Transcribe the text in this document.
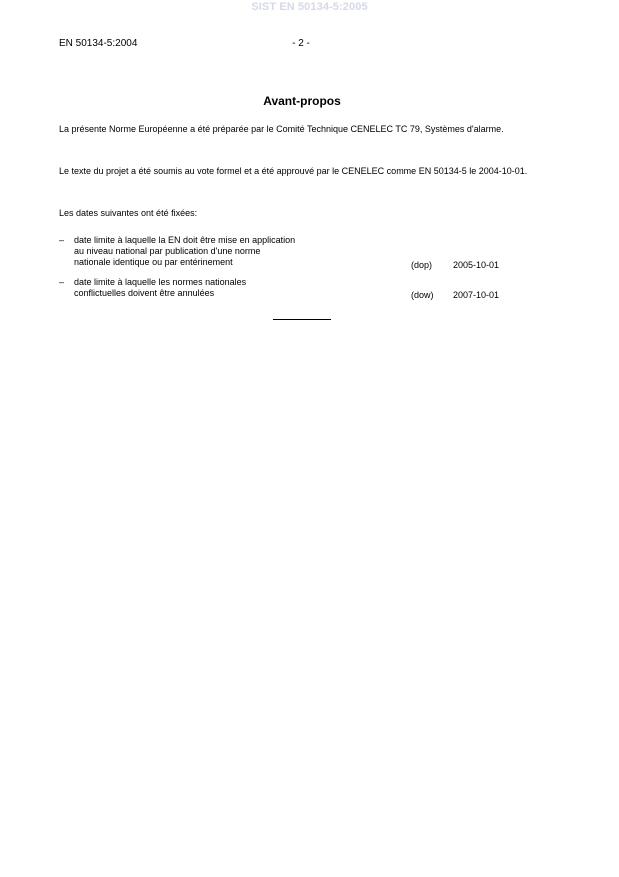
SIST EN 50134-5:2005
EN 50134-5:2004	- 2 -
Avant-propos
La présente Norme Européenne a été préparée par le Comité Technique CENELEC TC 79, Systèmes d'alarme.
Le texte du projet a été soumis au vote formel et a été approuvé par le CENELEC comme EN 50134-5 le 2004-10-01.
Les dates suivantes ont été fixées:
– date limite à laquelle la EN doit être mise en application
au niveau national par publication d'une norme
nationale identique ou par entérinement	(dop) 2005-10-01
– date limite à laquelle les normes nationales
conflictuelles doivent être annulées	(dow) 2007-10-01
